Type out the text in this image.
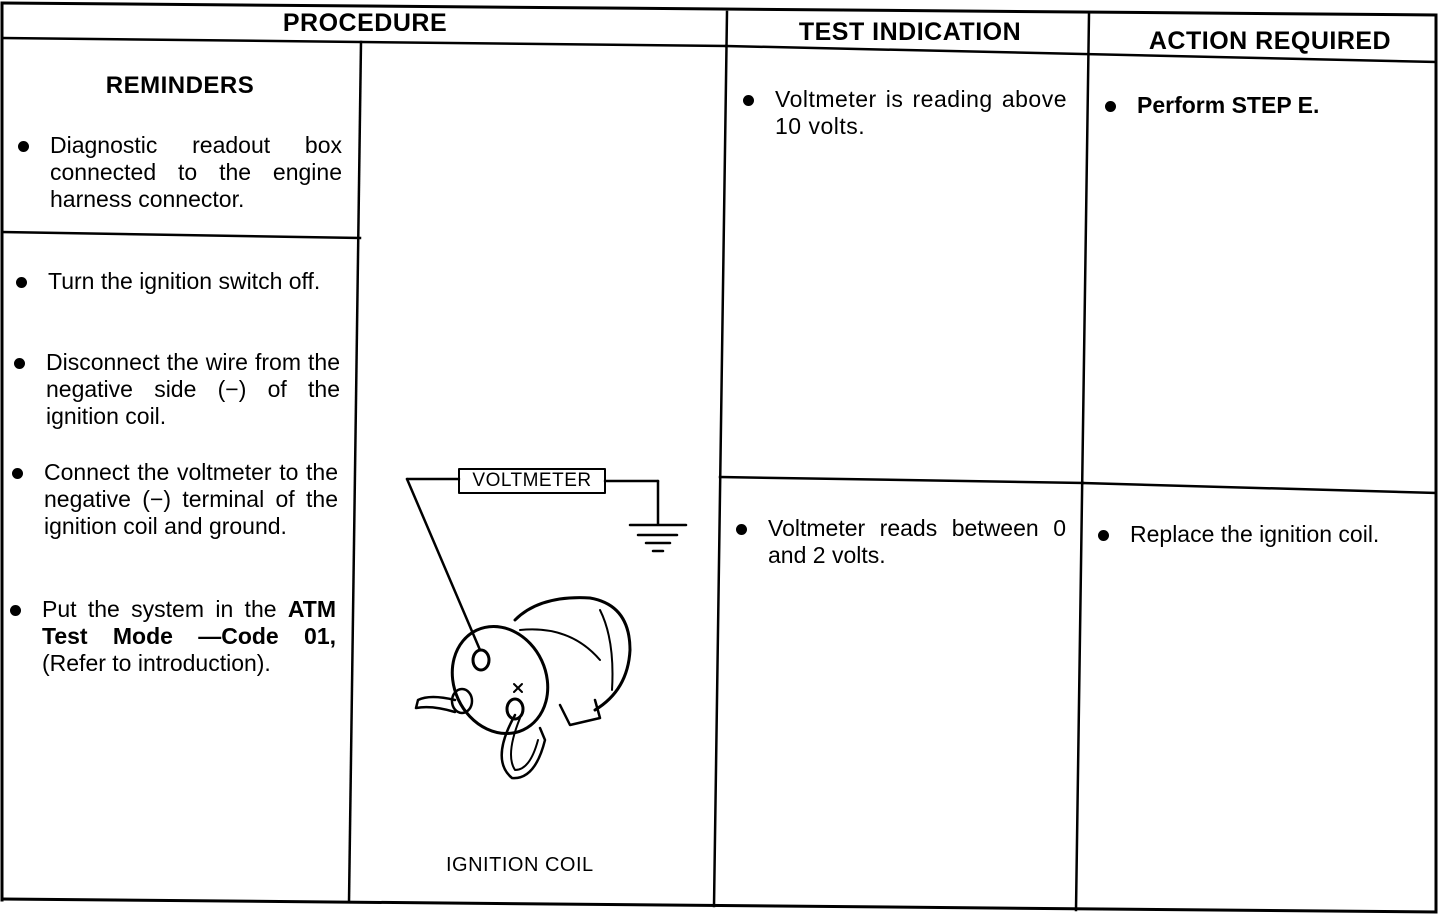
PROCEDURE	TEST INDICATION	ACTION REQUIRED
REMINDERS
Diagnostic readout box connected to the engine harness connector.
Turn the ignition switch off.
Disconnect the wire from the negative side (−) of the ignition coil.
Connect the voltmeter to the negative (−) terminal of the ignition coil and ground.
Put the system in the ATM Test Mode —Code 01, (Refer to introduction).
VOLTMETER
IGNITION COIL
Voltmeter is reading above 10 volts.
Voltmeter reads between 0 and 2 volts.
Perform STEP E.
Replace the ignition coil.
